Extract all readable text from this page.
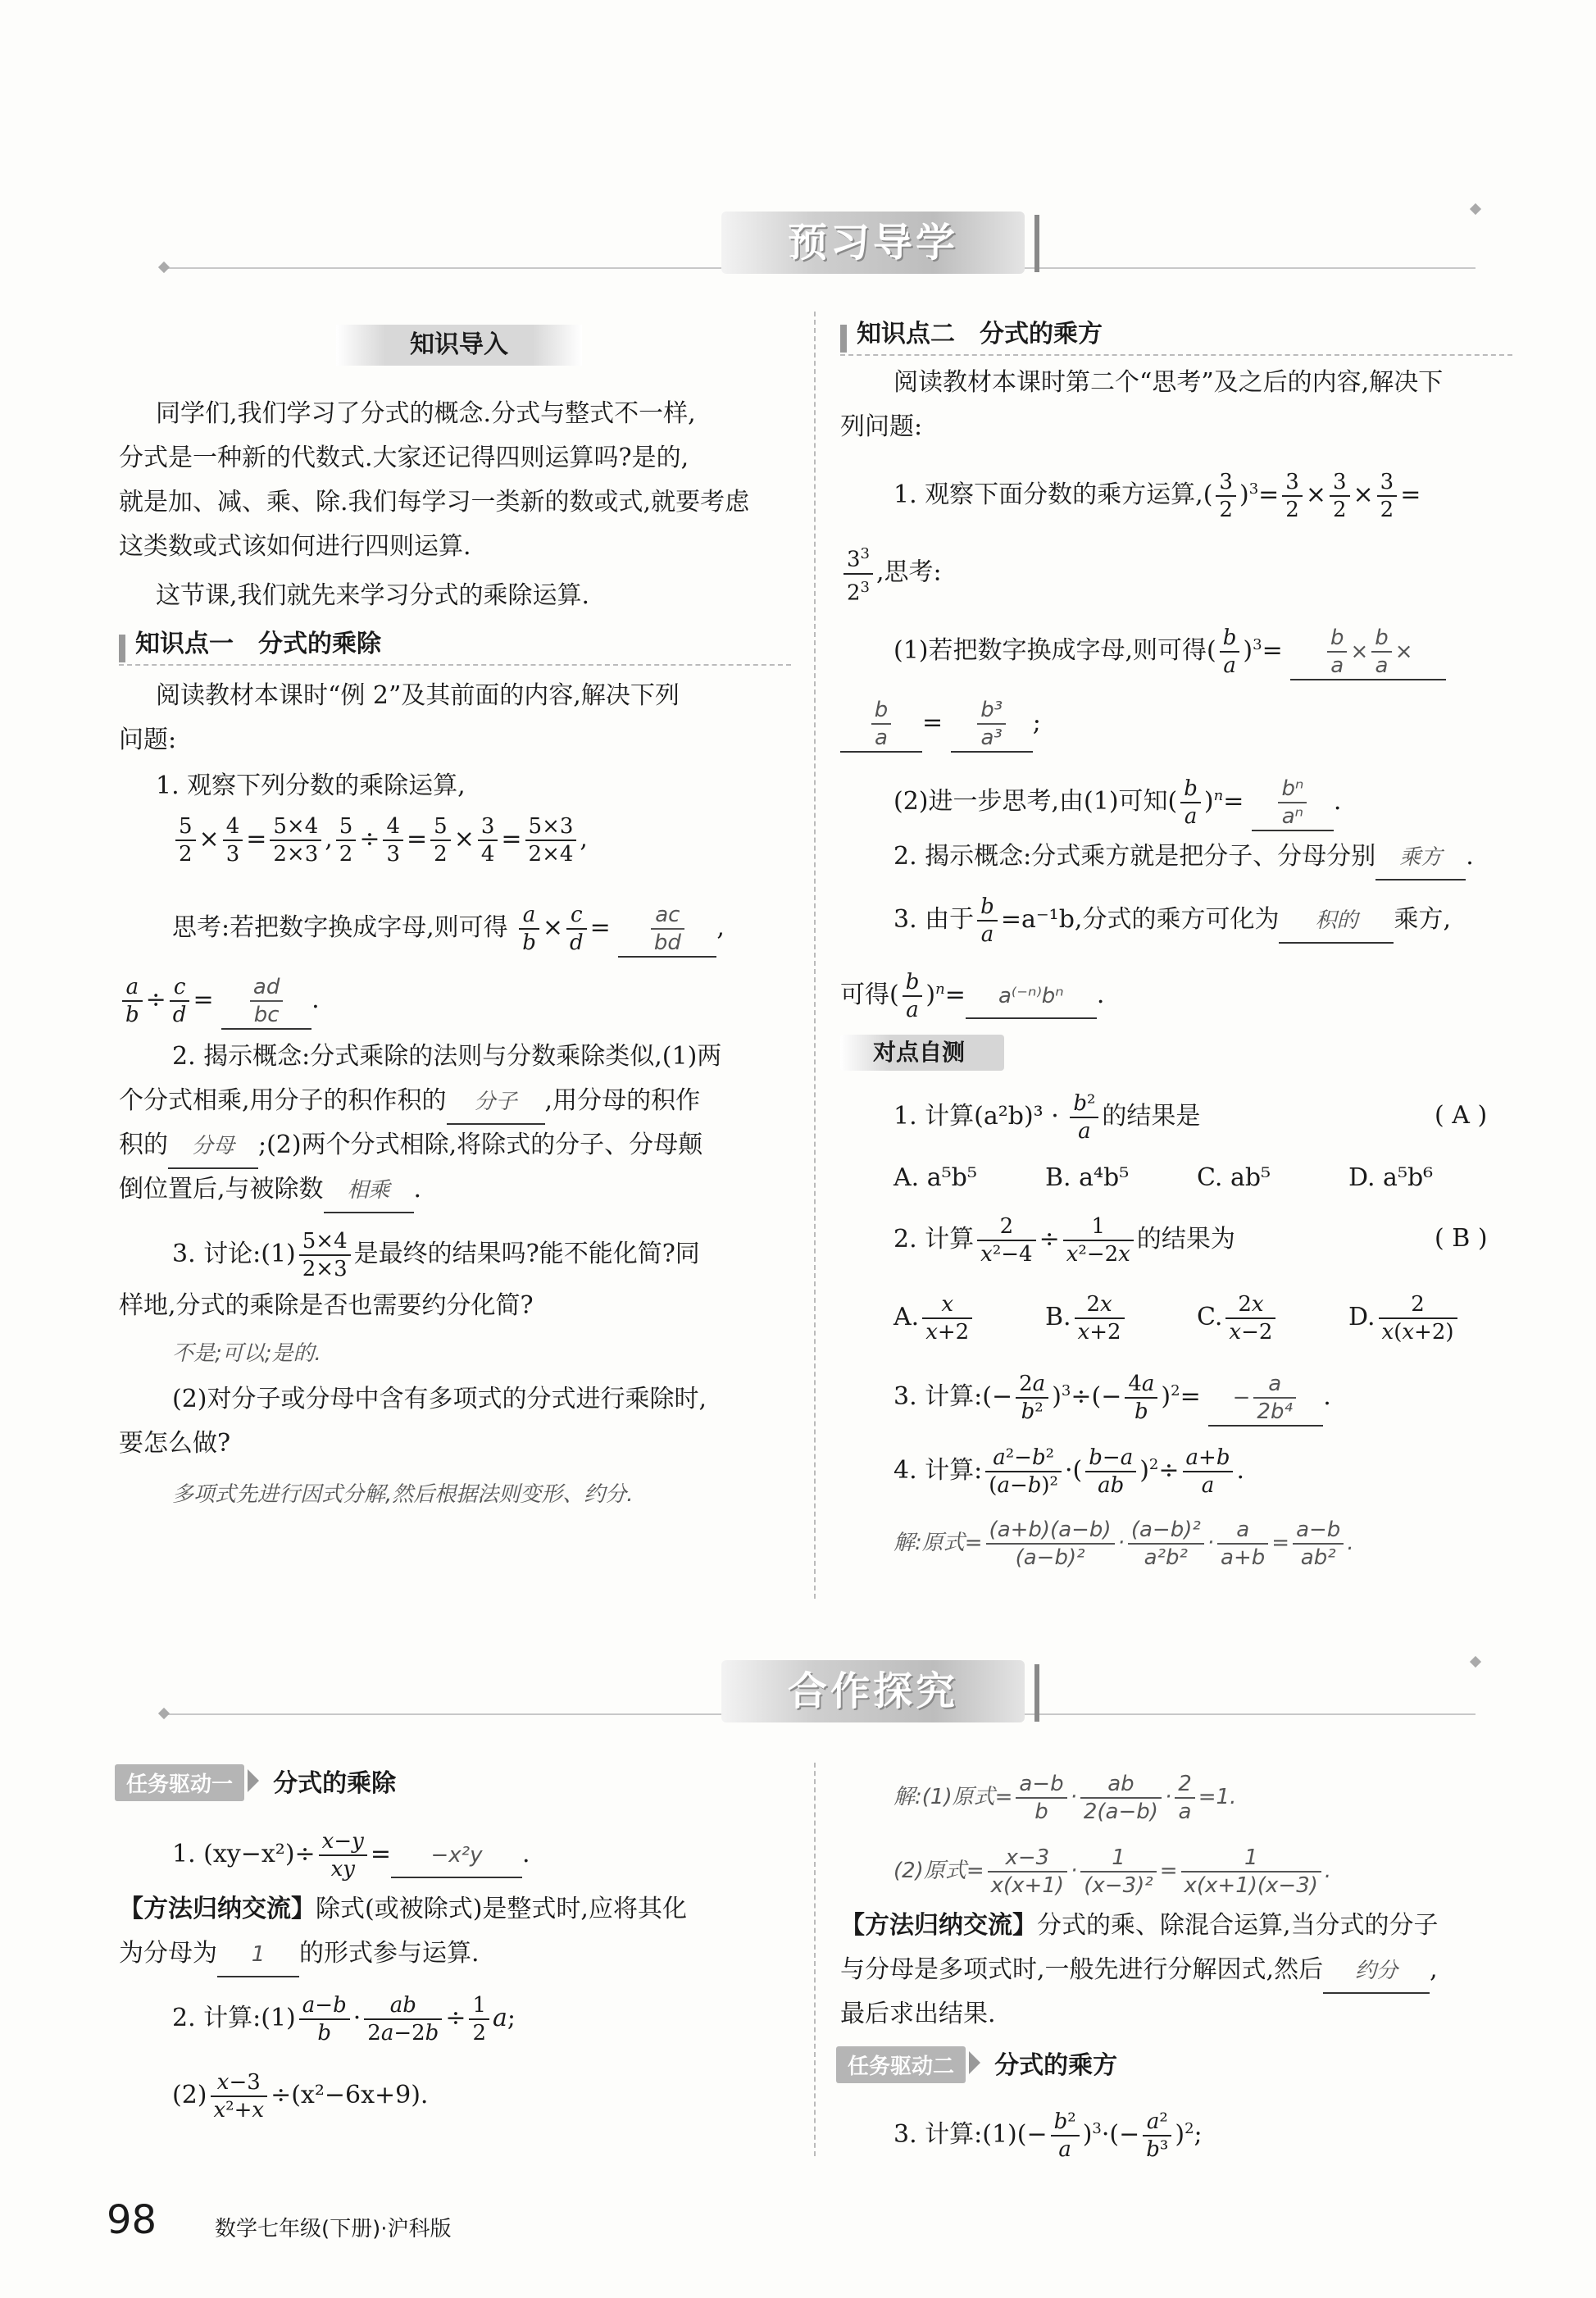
预习导学
知识导入
同学们,我们学习了分式的概念.分式与整式不一样,
分式是一种新的代数式.大家还记得四则运算吗?是的,
就是加、减、乘、除.我们每学习一类新的数或式,就要考虑
这类数或式该如何进行四则运算.
这节课,我们就先来学习分式的乘除运算.
知识点一　分式的乘除
阅读教材本课时“例 2”及其前面的内容,解决下列
问题:
1. 观察下列分数的乘除运算,
$\frac{5}{2} \times \frac{4}{3} = \frac{5\times 4}{2\times 3}$ , $\frac{5}{2} \div \frac{4}{3} = \frac{5}{2} \times \frac{3}{4} = \frac{5\times 3}{2\times 4}$ ,
思考:若把数字换成字母,则可得 $\frac{a}{b} \times \frac{c}{d} = \frac{ac}{bd}$ ,
$\frac{a}{b} \div \frac{c}{d} = \frac{ad}{bc}$ .
2. 揭示概念:分式乘除的法则与分数乘除类似,(1)两
个分式相乘,用分子的积作积的 分子 ,用分母的积作
积的 分母 ;(2)两个分式相除,将除式的分子、分母颠
倒位置后,与被除数 相乘 .
3. 讨论:(1) $\frac{5\times 4}{2\times 3}$ 是最终的结果吗?能不能化简?同
样地,分式的乘除是否也需要约分化简?
不是;可以;是的.
(2)对分子或分母中含有多项式的分式进行乘除时,
要怎么做?
多项式先进行因式分解,然后根据法则变形、约分.
知识点二　分式的乘方
阅读教材本课时第二个“思考”及之后的内容,解决下
列问题:
1. 观察下面分数的乘方运算,( $\frac{3}{2} )^3= \frac{3}{2} \times \frac{3}{2} \times \frac{3}{2}$ =
$\frac{3^3}{2^3}$ ,思考:
(1)若把数字换成字母,则可得( $\frac{b}{a} )^3= \frac{b}{a} \times \frac{b}{a}$ ×
$\frac{b}{a} = \frac{\text{b³}}{\text{a³}}$ ;
(2)进一步思考,由(1)可知( $\frac{b}{a} )^n= \frac{\text{bⁿ}}{\text{aⁿ}}$ .
2. 揭示概念:分式乘方就是把分子、分母分别 乘方 .
3. 由于 $\frac{b}{a} =a^{-1}b$,分式的乘方可化为 积的 乘方,
可得( $\frac{b}{a} )^n= a^{(-n)}b^n$ .
对点自测
1. 计算$(a^2b)^3 \cdot \frac{\text{b²}}{a}$ 的结果是	( A )
A. a⁵b⁵	B. a⁴b⁵	C. ab⁵	D. a⁵b⁶
2. 计算 $\frac{2}{\text{x²−4}} \div \frac{1}{\text{x²−2x}}$ 的结果为	( B )
A. $\frac{x}{x+2}$	B. $\frac{2x}{x+2}$	C. $\frac{2x}{x-2}$	D. $\frac{2}{x(x+2)}$
3. 计算:(− $\frac{2a}{\text{b²}} )^3\div(- \frac{4a}{b} )^2= - \frac{a}{\text{2b⁴}}$ .
4. 计算: $\frac{\text{a²−b²}}{\text{(a−b)²}}$ ·( $\frac{b-a}{ab} )^2\div \frac{a+b}{a}$ .
解:原式= $\frac{(a+b)(a-b)}{\text{(a−b)²}} \cdot \frac{\text{(a−b)²}}{\text{a²b²}} \cdot \frac{a}{a+b} = \frac{a-b}{\text{ab²}}$ .
合作探究
任务驱动一 分式的乘除
1. $(xy-x^2)\div \frac{x-y}{xy} = -x^2y$ .
【方法归纳交流】除式(或被除式)是整式时,应将其化
为分母为 1 的形式参与运算.
2. 计算:(1) $\frac{a-b}{b} \cdot \frac{ab}{2a-2b} \div \frac{1}{2} a$;
$(2) \frac{x-3}{\text{x²+x}} \div(x^2-6x+9)$.
解:(1)原式= $\frac{a-b}{b} \cdot \frac{ab}{2(a-b)} \cdot \frac{2}{a} =1$.
(2)原式= $\frac{x-3}{x(x+1)} \cdot \frac{1}{\text{(x−3)²}} = \frac{1}{x(x+1)(x-3)}$ .
【方法归纳交流】分式的乘、除混合运算,当分式的分子
与分母是多项式时,一般先进行分解因式,然后 约分 ,
最后求出结果.
任务驱动二 分式的乘方
3. 计算:(1)(− $\frac{\text{b²}}{a} )^3\cdot(- \frac{\text{a²}}{\text{b³}} )^2$;
98	数学七年级(下册)·沪科版
